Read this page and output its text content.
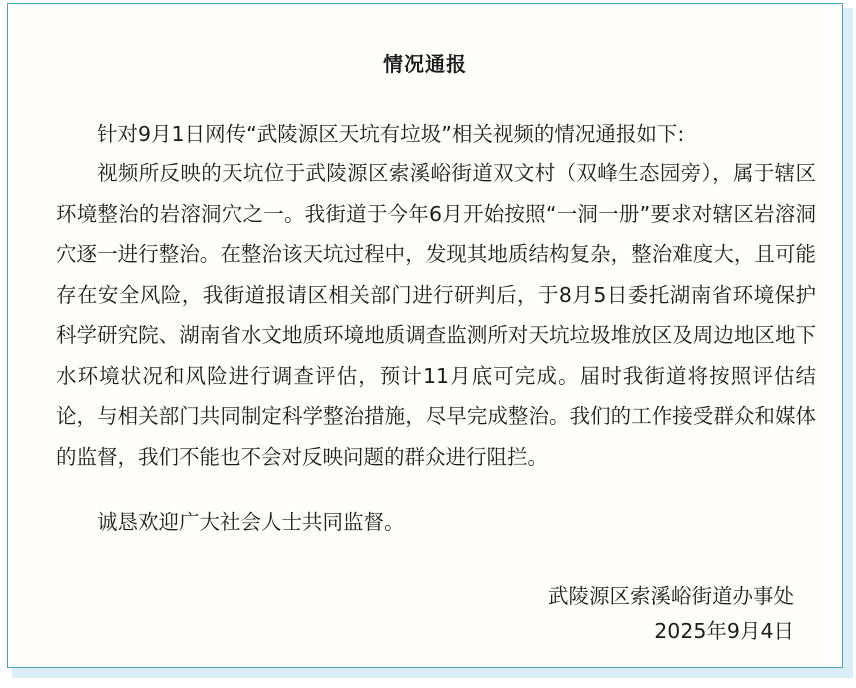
情况通报
针对9月1日网传“武陵源区天坑有垃圾”相关视频的情况通报如下:
视频所反映的天坑位于武陵源区索溪峪街道双文村（双峰生态园旁），属于辖区环境整治的岩溶洞穴之一。我街道于今年6月开始按照“一洞一册”要求对辖区岩溶洞穴逐一进行整治。在整治该天坑过程中，发现其地质结构复杂，整治难度大，且可能存在安全风险，我街道报请区相关部门进行研判后，于8月5日委托湖南省环境保护科学研究院、湖南省水文地质环境地质调查监测所对天坑垃圾堆放区及周边地区地下水环境状况和风险进行调查评估，预计11月底可完成。届时我街道将按照评估结论，与相关部门共同制定科学整治措施，尽早完成整治。我们的工作接受群众和媒体的监督，我们不能也不会对反映问题的群众进行阻拦。
诚恳欢迎广大社会人士共同监督。
武陵源区索溪峪街道办事处
2025年9月4日
